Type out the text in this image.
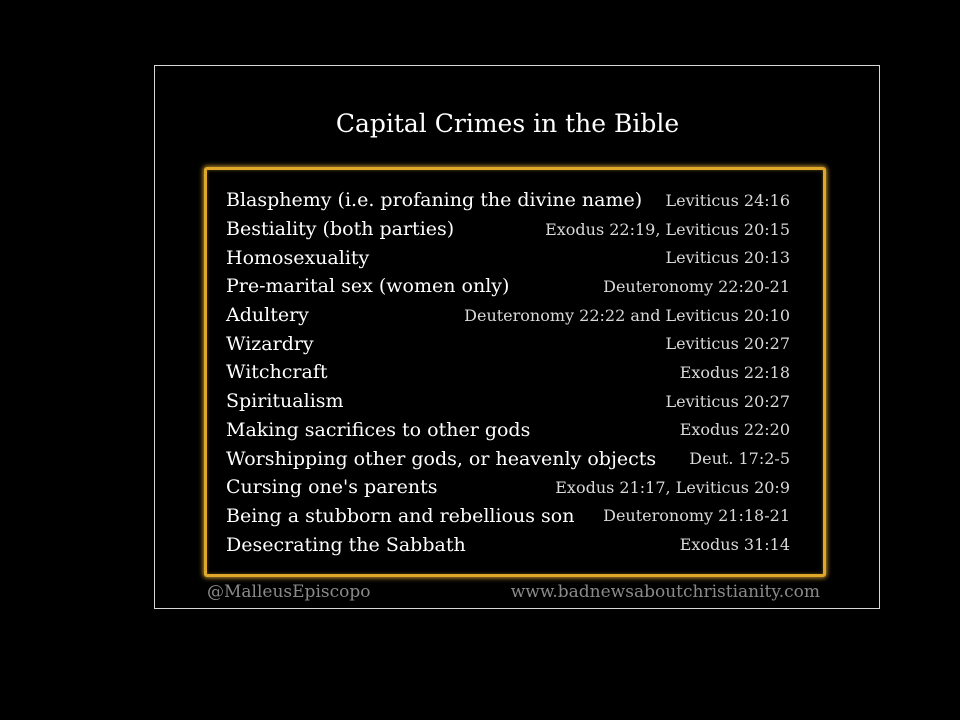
Capital Crimes in the Bible
Blasphemy (i.e. profaning the divine name) Leviticus 24:16
Bestiality (both parties)	Exodus 22:19, Leviticus 20:15
Homosexuality	Leviticus 20:13
Pre-marital sex (women only)	Deuteronomy 22:20-21
Adultery	Deuteronomy 22:22 and Leviticus 20:10
Wizardry	Leviticus 20:27
Witchcraft	Exodus 22:18
Spiritualism	Leviticus 20:27
Making sacrifices to other gods	Exodus 22:20
Worshipping other gods, or heavenly objects Deut. 17:2-5
Cursing one's parents	Exodus 21:17, Leviticus 20:9
Being a stubborn and rebellious son Deuteronomy 21:18-21
Desecrating the Sabbath	Exodus 31:14
@MalleusEpiscopo	www.badnewsaboutchristianity.com
